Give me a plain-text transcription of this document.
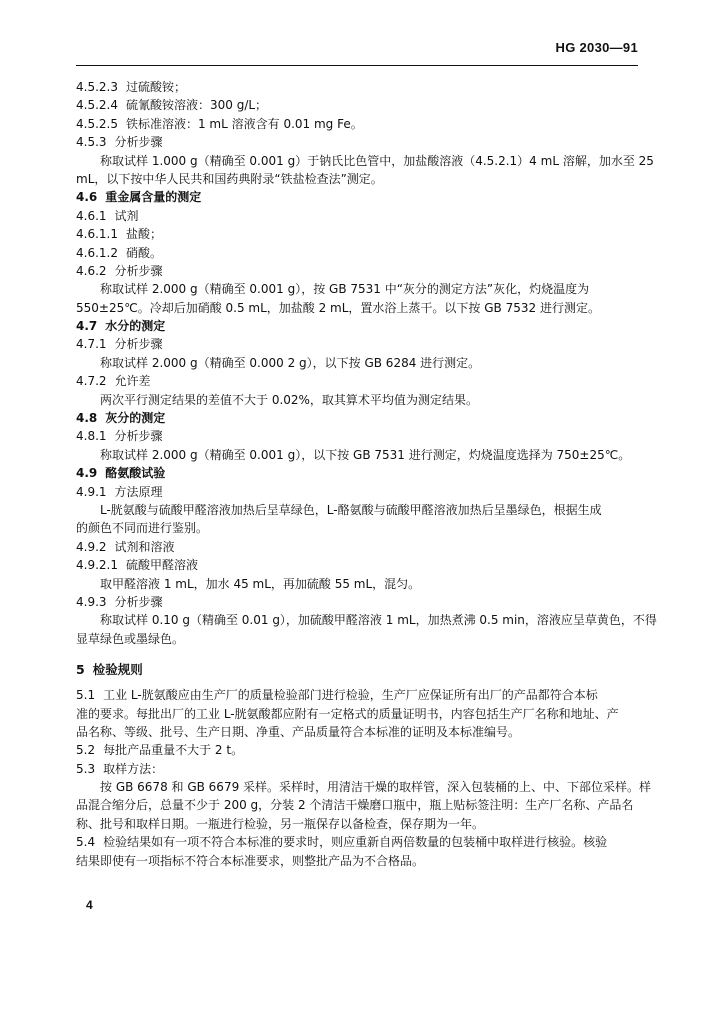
HG 2030—91
4.5.2.3 过硫酸铵；
4.5.2.4 硫氰酸铵溶液：300 g/L；
4.5.2.5 铁标准溶液：1 mL 溶液含有 0.01 mg Fe。
4.5.3 分析步骤
称取试样 1.000 g（精确至 0.001 g）于钠氏比色管中，加盐酸溶液（4.5.2.1）4 mL 溶解，加水至 25
mL，以下按中华人民共和国药典附录“铁盐检查法”测定。
4.6 重金属含量的测定
4.6.1 试剂
4.6.1.1 盐酸；
4.6.1.2 硝酸。
4.6.2 分析步骤
称取试样 2.000 g（精确至 0.001 g），按 GB 7531 中“灰分的测定方法”灰化，灼烧温度为
550±25℃。冷却后加硝酸 0.5 mL，加盐酸 2 mL，置水浴上蒸干。以下按 GB 7532 进行测定。
4.7 水分的测定
4.7.1 分析步骤
称取试样 2.000 g（精确至 0.000 2 g），以下按 GB 6284 进行测定。
4.7.2 允许差
两次平行测定结果的差值不大于 0.02%，取其算术平均值为测定结果。
4.8 灰分的测定
4.8.1 分析步骤
称取试样 2.000 g（精确至 0.001 g），以下按 GB 7531 进行测定，灼烧温度选择为 750±25℃。
4.9 酪氨酸试验
4.9.1 方法原理
L-胱氨酸与硫酸甲醛溶液加热后呈草绿色，L-酪氨酸与硫酸甲醛溶液加热后呈墨绿色，根据生成
的颜色不同而进行鉴别。
4.9.2 试剂和溶液
4.9.2.1 硫酸甲醛溶液
取甲醛溶液 1 mL，加水 45 mL，再加硫酸 55 mL，混匀。
4.9.3 分析步骤
称取试样 0.10 g（精确至 0.01 g），加硫酸甲醛溶液 1 mL，加热煮沸 0.5 min，溶液应呈草黄色，不得
显草绿色或墨绿色。
5 检验规则
5.1 工业 L-胱氨酸应由生产厂的质量检验部门进行检验，生产厂应保证所有出厂的产品都符合本标
准的要求。每批出厂的工业 L-胱氨酸都应附有一定格式的质量证明书，内容包括生产厂名称和地址、产
品名称、等级、批号、生产日期、净重、产品质量符合本标准的证明及本标准编号。
5.2 每批产品重量不大于 2 t。
5.3 取样方法：
按 GB 6678 和 GB 6679 采样。采样时，用清洁干燥的取样管，深入包装桶的上、中、下部位采样。样
品混合缩分后，总量不少于 200 g，分装 2 个清洁干燥磨口瓶中，瓶上贴标签注明：生产厂名称、产品名
称、批号和取样日期。一瓶进行检验，另一瓶保存以备检查，保存期为一年。
5.4 检验结果如有一项不符合本标准的要求时，则应重新自两倍数量的包装桶中取样进行核验。核验
结果即使有一项指标不符合本标准要求，则整批产品为不合格品。
4
